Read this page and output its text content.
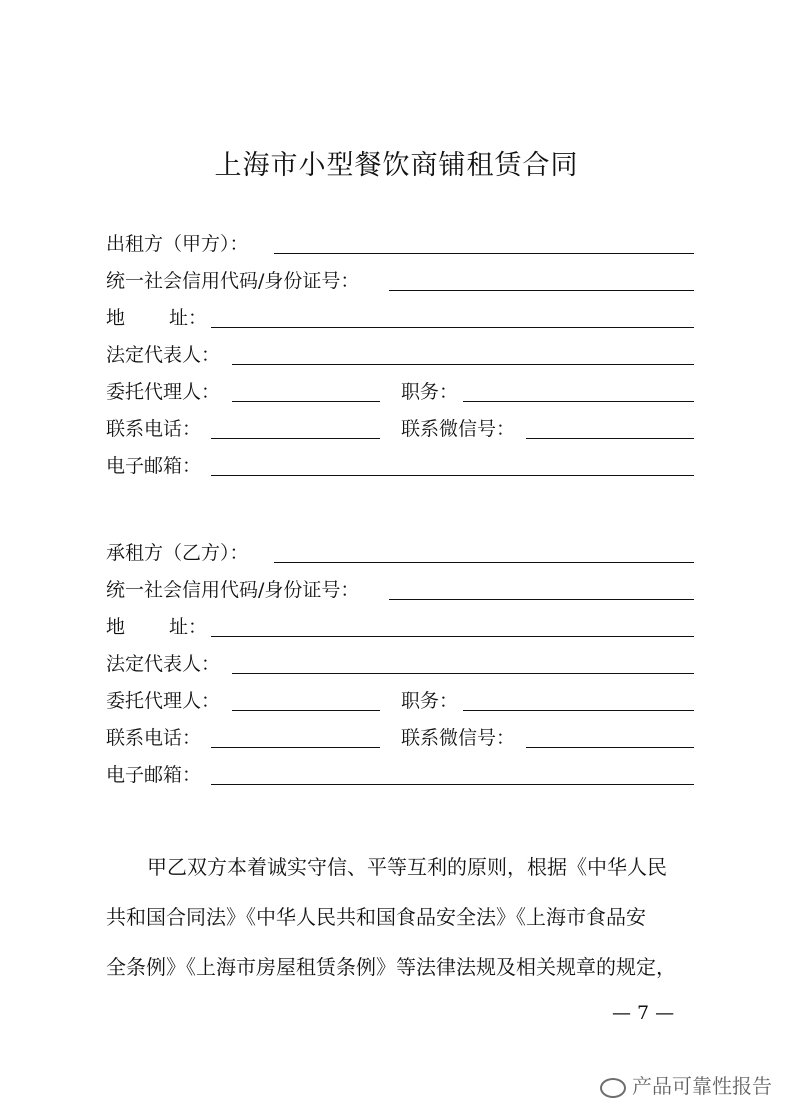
上海市小型餐饮商铺租赁合同
出租方（甲方）：
统一社会信用代码/身份证号：
地 址：
法定代表人：
委托代理人：	职务：
联系电话：	联系微信号：
电子邮箱：
承租方（乙方）：
统一社会信用代码/身份证号：
地 址：
法定代表人：
委托代理人：	职务：
联系电话：	联系微信号：
电子邮箱：
甲乙双方本着诚实守信、平等互利的原则，根据《中华人民
共和国合同法》《中华人民共和国食品安全法》《上海市食品安
全条例》《上海市房屋租赁条例》等法律法规及相关规章的规定，
— 7 —
产品可靠性报告
